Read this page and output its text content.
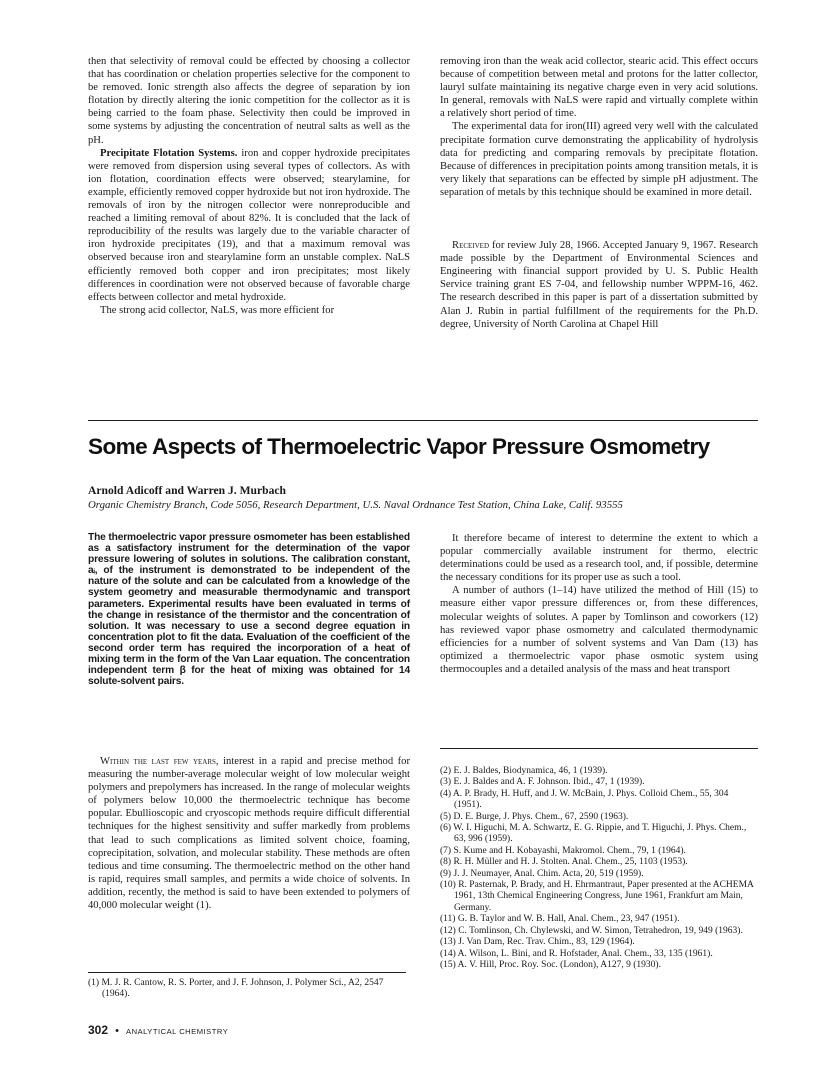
then that selectivity of removal could be effected by choosing a collector that has coordination or chelation properties selective for the component to be removed. Ionic strength also affects the degree of separation by ion flotation by directly altering the ionic competition for the collector as it is being carried to the foam phase. Selectivity then could be improved in some systems by adjusting the concentration of neutral salts as well as the pH.

Precipitate Flotation Systems. iron and copper hydroxide precipitates were removed from dispersion using several types of collectors. As with ion flotation, coordination effects were observed; stearylamine, for example, efficiently removed copper hydroxide but not iron hydroxide. The removals of iron by the nitrogen collector were nonreproducible and reached a limiting removal of about 82%. It is concluded that the lack of reproducibility of the results was largely due to the variable character of iron hydroxide precipitates (19), and that a maximum removal was observed because iron and stearylamine form an unstable complex. NaLS efficiently removed both copper and iron precipitates; most likely differences in coordination were not observed because of favorable charge effects between collector and metal hydroxide.

The strong acid collector, NaLS, was more efficient for

removing iron than the weak acid collector, stearic acid. This effect occurs because of competition between metal and protons for the latter collector, lauryl sulfate maintaining its negative charge even in very acid solutions. In general, removals with NaLS were rapid and virtually complete within a relatively short period of time.

The experimental data for iron(III) agreed very well with the calculated precipitate formation curve demonstrating the applicability of hydrolysis data for predicting and comparing removals by precipitate flotation. Because of differences in precipitation points among transition metals, it is very likely that separations can be effected by simple pH adjustment. The separation of metals by this technique should be examined in more detail.

Received for review July 28, 1966. Accepted January 9, 1967. Research made possible by the Department of Environmental Sciences and Engineering with financial support provided by U. S. Public Health Service training grant ES 7-04, and fellowship number WPPM-16, 462. The research described in this paper is part of a dissertation submitted by Alan J. Rubin in partial fulfillment of the requirements for the Ph.D. degree, University of North Carolina at Chapel Hill

Some Aspects of Thermoelectric Vapor Pressure Osmometry
Arnold Adicoff and Warren J. Murbach
Organic Chemistry Branch, Code 5056, Research Department, U.S. Naval Ordnance Test Station, China Lake, Calif. 93555
The thermoelectric vapor pressure osmometer has been established as a satisfactory instrument for the determination of the vapor pressure lowering of solutes in solutions. The calibration constant, aᵢ, of the instrument is demonstrated to be independent of the nature of the solute and can be calculated from a knowledge of the system geometry and measurable thermodynamic and transport parameters. Experimental results have been evaluated in terms of the change in resistance of the thermistor and the concentration of solution. It was necessary to use a second degree equation in concentration plot to fit the data. Evaluation of the coefficient of the second order term has required the incorporation of a heat of mixing term in the form of the Van Laar equation. The concentration independent term β for the heat of mixing was obtained for 14 solute-solvent pairs.

Within the last few years, interest in a rapid and precise method for measuring the number-average molecular weight of low molecular weight polymers and prepolymers has increased. In the range of molecular weights of polymers below 10,000 the thermoelectric technique has become popular. Ebullioscopic and cryoscopic methods require difficult differential techniques for the highest sensitivity and suffer markedly from problems that lead to such complications as limited solvent choice, foaming, coprecipitation, solvation, and molecular stability. These methods are often tedious and time consuming. The thermoelectric method on the other hand is rapid, requires small samples, and permits a wide choice of solvents. In addition, recently, the method is said to have been extended to polymers of 40,000 molecular weight (1).

(1) M. J. R. Cantow, R. S. Porter, and J. F. Johnson, J. Polymer Sci., A2, 2547 (1964).

It therefore became of interest to determine the extent to which a popular commercially available instrument for thermo, electric determinations could be used as a research tool, and, if possible, determine the necessary conditions for its proper use as such a tool.

A number of authors (1–14) have utilized the method of Hill (15) to measure either vapor pressure differences or, from these differences, molecular weights of solutes. A paper by Tomlinson and coworkers (12) has reviewed vapor phase osmometry and calculated thermodynamic efficiencies for a number of solvent systems and Van Dam (13) has optimized a thermoelectric vapor phase osmotic system using thermocouples and a detailed analysis of the mass and heat transport

(2) E. J. Baldes, Biodynamica, 46, 1 (1939).

(3) E. J. Baldes and A. F. Johnson. Ibid., 47, 1 (1939).

(4) A. P. Brady, H. Huff, and J. W. McBain, J. Phys. Colloid Chem., 55, 304 (1951).

(5) D. E. Burge, J. Phys. Chem., 67, 2590 (1963).

(6) W. I. Higuchi, M. A. Schwartz, E. G. Rippie, and T. Higuchi, J. Phys. Chem., 63, 996 (1959).

(7) S. Kume and H. Kobayashi, Makromol. Chem., 79, 1 (1964).

(8) R. H. Müller and H. J. Stolten. Anal. Chem., 25, 1103 (1953).

(9) J. J. Neumayer, Anal. Chim. Acta, 20, 519 (1959).

(10) R. Pasternak, P. Brady, and H. Ehrmantraut, Paper presented at the ACHEMA 1961, 13th Chemical Engineering Congress, June 1961, Frankfurt am Main, Germany.

(11) G. B. Taylor and W. B. Hall, Anal. Chem., 23, 947 (1951).

(12) C. Tomlinson, Ch. Chylewski, and W. Simon, Tetrahedron, 19, 949 (1963).

(13) J. Van Dam, Rec. Trav. Chim., 83, 129 (1964).

(14) A. Wilson, L. Bini, and R. Hofstader, Anal. Chem., 33, 135 (1961).

(15) A. V. Hill, Proc. Roy. Soc. (London), A127, 9 (1930).

302 • ANALYTICAL CHEMISTRY
